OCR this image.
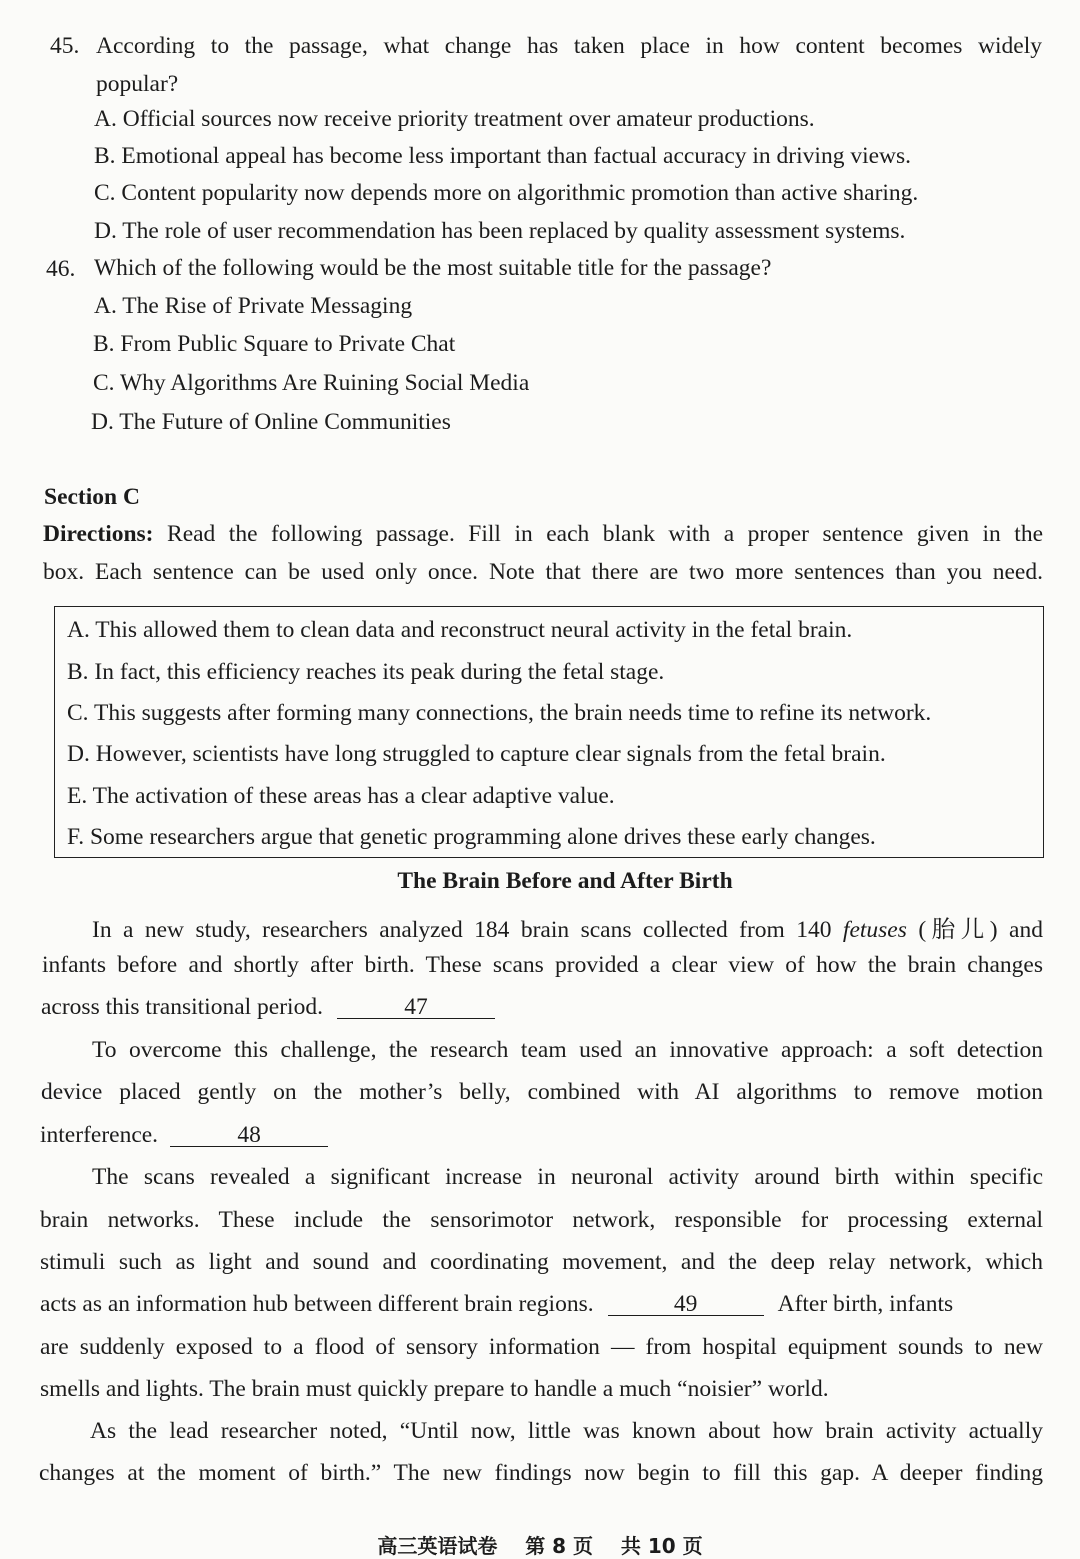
45. According to the passage, what change has taken place in how content becomes widely
popular?
A. Official sources now receive priority treatment over amateur productions.
B. Emotional appeal has become less important than factual accuracy in driving views.
C. Content popularity now depends more on algorithmic promotion than active sharing.
D. The role of user recommendation has been replaced by quality assessment systems.
46. Which of the following would be the most suitable title for the passage?
A. The Rise of Private Messaging
B. From Public Square to Private Chat
C. Why Algorithms Are Ruining Social Media
D. The Future of Online Communities
Section C
Directions: Read the following passage. Fill in each blank with a proper sentence given in the
box. Each sentence can be used only once. Note that there are two more sentences than you need.
A. This allowed them to clean data and reconstruct neural activity in the fetal brain.
B. In fact, this efficiency reaches its peak during the fetal stage.
C. This suggests after forming many connections, the brain needs time to refine its network.
D. However, scientists have long struggled to capture clear signals from the fetal brain.
E. The activation of these areas has a clear adaptive value.
F. Some researchers argue that genetic programming alone drives these early changes.
The Brain Before and After Birth
In a new study, researchers analyzed 184 brain scans collected from 140 fetuses (胎儿) and
infants before and shortly after birth. These scans provided a clear view of how the brain changes
across this transitional period.	47
To overcome this challenge, the research team used an innovative approach: a soft detection
device placed gently on the mother’s belly, combined with AI algorithms to remove motion
interference.	48
The scans revealed a significant increase in neuronal activity around birth within specific
brain networks. These include the sensorimotor network, responsible for processing external
stimuli such as light and sound and coordinating movement, and the deep relay network, which
acts as an information hub between different brain regions.	49	After birth, infants
are suddenly exposed to a flood of sensory information — from hospital equipment sounds to new
smells and lights. The brain must quickly prepare to handle a much “noisier” world.
As the lead researcher noted, “Until now, little was known about how brain activity actually
changes at the moment of birth.” The new findings now begin to fill this gap. A deeper finding
高三英语试卷    第 8 页    共 10 页
